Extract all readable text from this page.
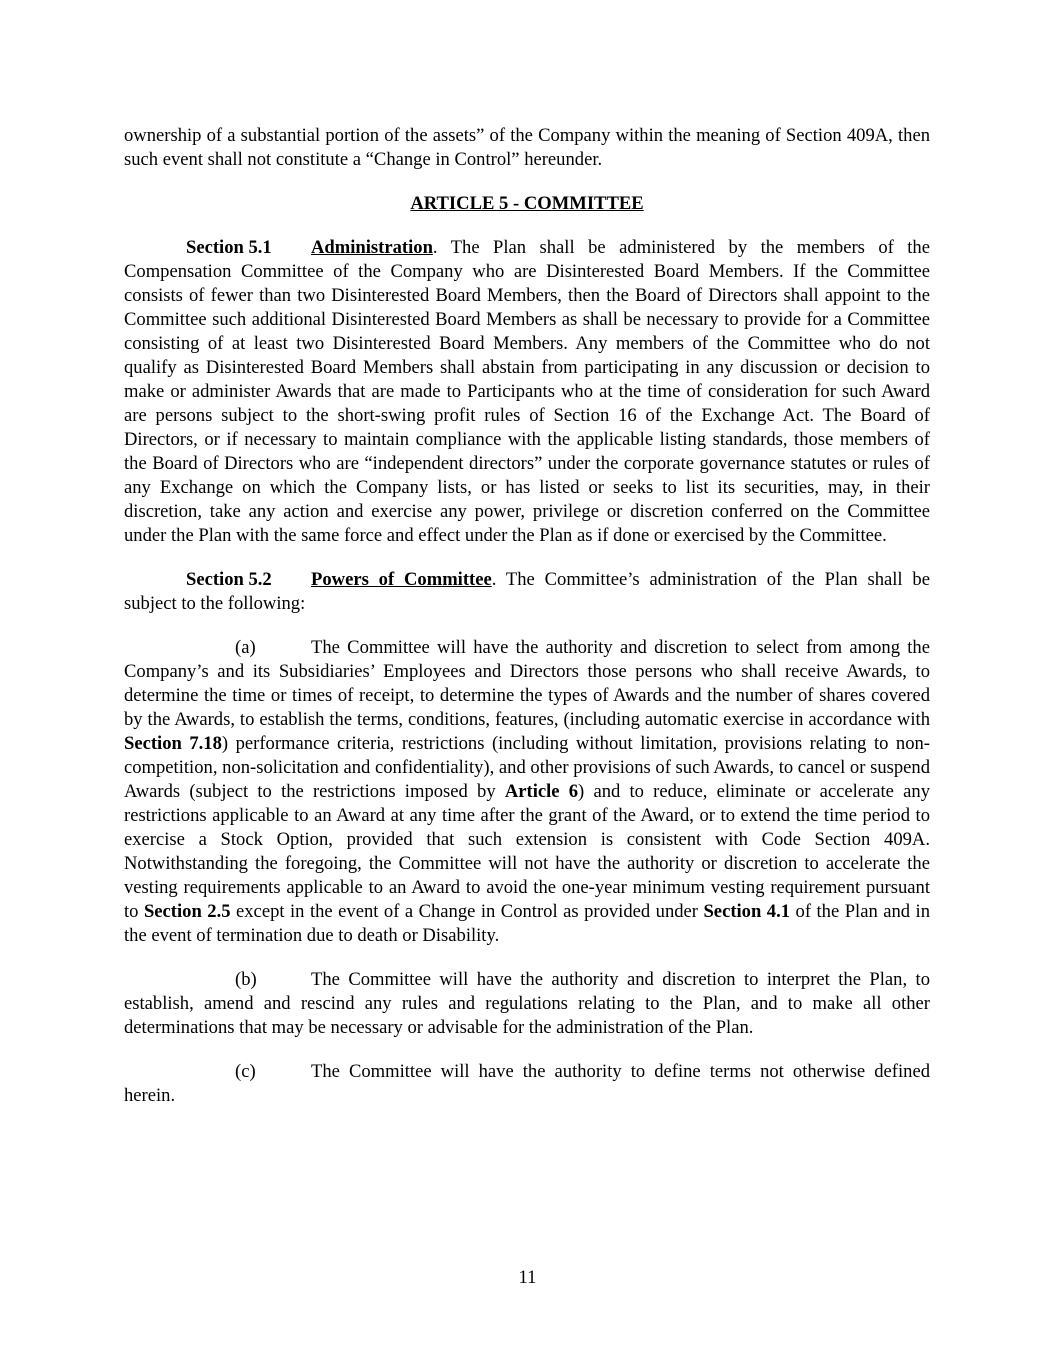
ownership of a substantial portion of the assets” of the Company within the meaning of Section 409A, then such event shall not constitute a “Change in Control” hereunder.

ARTICLE 5 - COMMITTEE

Section 5.1 Administration. The Plan shall be administered by the members of the Compensation Committee of the Company who are Disinterested Board Members. If the Committee consists of fewer than two Disinterested Board Members, then the Board of Directors shall appoint to the Committee such additional Disinterested Board Members as shall be necessary to provide for a Committee consisting of at least two Disinterested Board Members. Any members of the Committee who do not qualify as Disinterested Board Members shall abstain from participating in any discussion or decision to make or administer Awards that are made to Participants who at the time of consideration for such Award are persons subject to the short-swing profit rules of Section 16 of the Exchange Act. The Board of Directors, or if necessary to maintain compliance with the applicable listing standards, those members of the Board of Directors who are “independent directors” under the corporate governance statutes or rules of any Exchange on which the Company lists, or has listed or seeks to list its securities, may, in their discretion, take any action and exercise any power, privilege or discretion conferred on the Committee under the Plan with the same force and effect under the Plan as if done or exercised by the Committee.

Section 5.2 Powers of Committee. The Committee’s administration of the Plan shall be subject to the following:

(a)	The Committee will have the authority and discretion to select from among the Company’s and its Subsidiaries’ Employees and Directors those persons who shall receive Awards, to determine the time or times of receipt, to determine the types of Awards and the number of shares covered by the Awards, to establish the terms, conditions, features, (including automatic exercise in accordance with Section 7.18) performance criteria, restrictions (including without limitation, provisions relating to non-competition, non-solicitation and confidentiality), and other provisions of such Awards, to cancel or suspend Awards (subject to the restrictions imposed by Article 6) and to reduce, eliminate or accelerate any restrictions applicable to an Award at any time after the grant of the Award, or to extend the time period to exercise a Stock Option, provided that such extension is consistent with Code Section 409A. Notwithstanding the foregoing, the Committee will not have the authority or discretion to accelerate the vesting requirements applicable to an Award to avoid the one-year minimum vesting requirement pursuant to Section 2.5 except in the event of a Change in Control as provided under Section 4.1 of the Plan and in the event of termination due to death or Disability.

(b)	The Committee will have the authority and discretion to interpret the Plan, to establish, amend and rescind any rules and regulations relating to the Plan, and to make all other determinations that may be necessary or advisable for the administration of the Plan.

(c)	The Committee will have the authority to define terms not otherwise defined herein.

11
